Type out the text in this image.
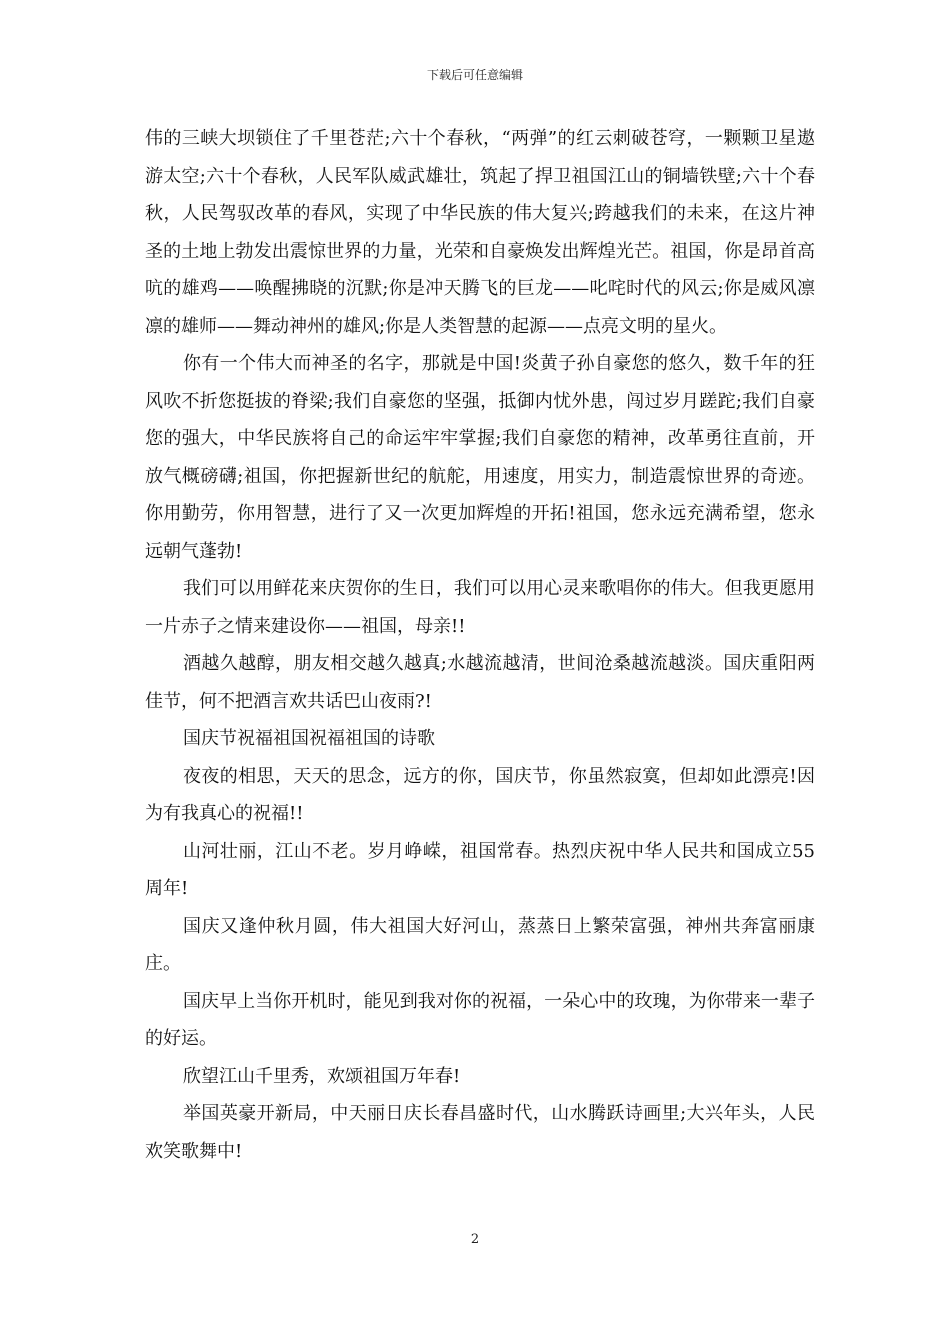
下载后可任意编辑

伟的三峡大坝锁住了千里苍茫;六十个春秋，“两弹”的红云刺破苍穹，一颗颗卫星遨游太空;六十个春秋，人民军队威武雄壮，筑起了捍卫祖国江山的铜墙铁壁;六十个春秋，人民驾驭改革的春风，实现了中华民族的伟大复兴;跨越我们的未来，在这片神圣的土地上勃发出震惊世界的力量，光荣和自豪焕发出辉煌光芒。祖国，你是昂首高吭的雄鸡——唤醒拂晓的沉默;你是冲天腾飞的巨龙——叱咤时代的风云;你是威风凛凛的雄师——舞动神州的雄风;你是人类智慧的起源——点亮文明的星火。

你有一个伟大而神圣的名字，那就是中国!炎黄子孙自豪您的悠久，数千年的狂风吹不折您挺拔的脊梁;我们自豪您的坚强，抵御内忧外患，闯过岁月蹉跎;我们自豪您的强大，中华民族将自己的命运牢牢掌握;我们自豪您的精神，改革勇往直前，开放气概磅礴;祖国，你把握新世纪的航舵，用速度，用实力，制造震惊世界的奇迹。你用勤劳，你用智慧，进行了又一次更加辉煌的开拓!祖国，您永远充满希望，您永远朝气蓬勃!

我们可以用鲜花来庆贺你的生日，我们可以用心灵来歌唱你的伟大。但我更愿用一片赤子之情来建设你——祖国，母亲!!

酒越久越醇，朋友相交越久越真;水越流越清，世间沧桑越流越淡。国庆重阳两佳节，何不把酒言欢共话巴山夜雨?!

国庆节祝福祖国祝福祖国的诗歌

夜夜的相思，天天的思念，远方的你，国庆节，你虽然寂寞，但却如此漂亮!因为有我真心的祝福!!

山河壮丽，江山不老。岁月峥嵘，祖国常春。热烈庆祝中华人民共和国成立55周年!

国庆又逢仲秋月圆，伟大祖国大好河山，蒸蒸日上繁荣富强，神州共奔富丽康庄。

国庆早上当你开机时，能见到我对你的祝福，一朵心中的玫瑰，为你带来一辈子的好运。

欣望江山千里秀，欢颂祖国万年春!

举国英豪开新局，中天丽日庆长春昌盛时代，山水腾跃诗画里;大兴年头，人民欢笑歌舞中!

2
